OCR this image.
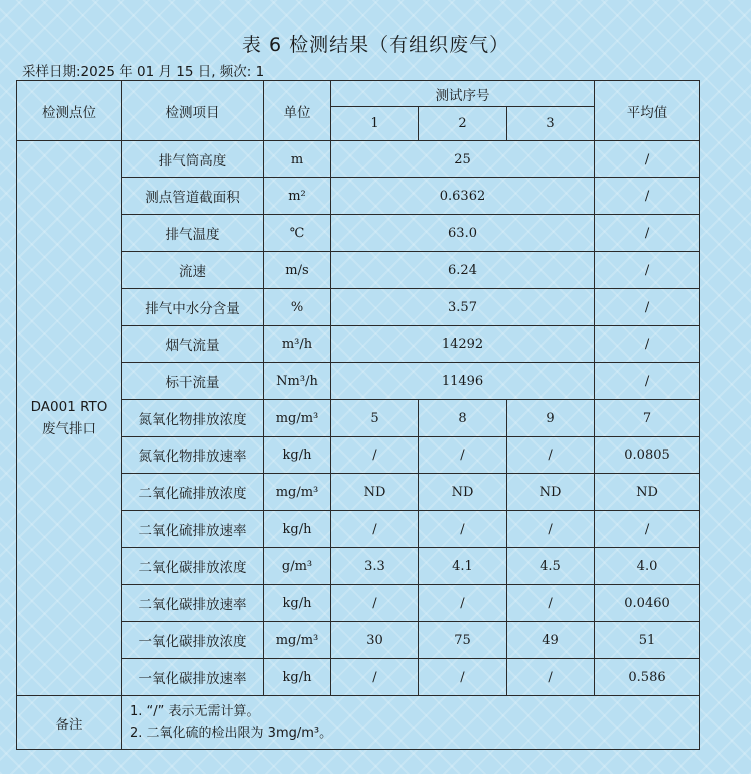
表 6 检测结果（有组织废气）
采样日期:2025 年 01 月 15 日, 频次: 1
检测点位	检测项目	单位	测试序号			平均值
			1	2	3	
DA001 RTO 废气排口	排气筒高度	m	25			/
	测点管道截面积	m²	0.6362			/
	排气温度	℃	63.0			/
	流速	m/s	6.24			/
	排气中水分含量	%	3.57			/
	烟气流量	m³/h	14292			/
	标干流量	Nm³/h	11496			/
	氮氧化物排放浓度	mg/m³	5	8	9	7
	氮氧化物排放速率	kg/h	/	/	/	0.0805
	二氧化硫排放浓度	mg/m³	ND	ND	ND	ND
	二氧化硫排放速率	kg/h	/	/	/	/
	二氧化碳排放浓度	g/m³	3.3	4.1	4.5	4.0
	二氧化碳排放速率	kg/h	/	/	/	0.0460
	一氧化碳排放浓度	mg/m³	30	75	49	51
	一氧化碳排放速率	kg/h	/	/	/	0.586
备注	1. “/” 表示无需计算。
2. 二氧化硫的检出限为 3mg/m³。					
